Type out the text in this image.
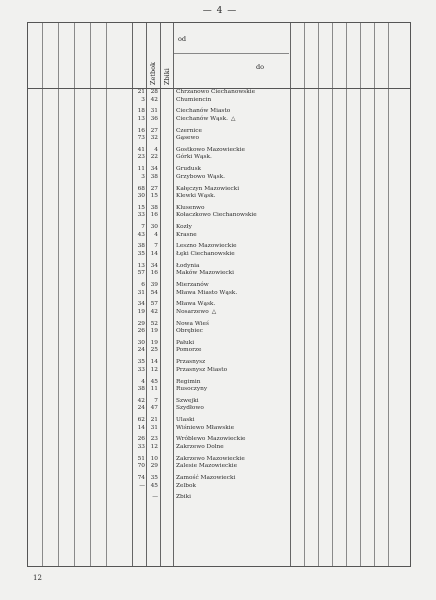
— 4 —
Zetbok Zbiki
od
do
21
3
28
42
Chrzanowo Ciechanowskie
Chumiencin
18
13
31
36
Ciechanów Miasto
Ciechanów Wąsk. △
16
73
27
32
Czernice
Gąsewo
41
23
4
22
Gostkowo Mazowieckie
Górki Wąsk.
11
3
34
38
Grudusk
Grzybowo Wąsk.
68
30
27
15
Kałęczyn Mazowiecki
Klewki Wąsk.
15
33
38
16
Klusenwo
Kołaczkowo Ciechanowskie
7
43
30
4
Kozły
Krasne
38
35
7
14
Leszno Mazowieckie
Łęki Ciechanowskie
13
57
34
16
Łodynia
Maków Mazowiecki
6
31
39
54
Mierzanów
Mława Miasto Wąsk.
34
19
57
42
Mława Wąsk.
Nosarzewo △
29
26
52
19
Nowa Wieś
Obrębiec
30
24
19
25
Pałuki
Pomorze
35
33
14
12
Przasnysz
Przasnysz Miasto
4
38
45
11
Regimin
Rusoczyny
42
24
7
47
Szwejki
Szydłowo
62
14
21
31
Ulaski
Wiśniewo Mławskie
26
33
23
12
Wróblewo Mazowieckie
Zakrzewo Dolne
51
70
10
29
Zakrzewo Mazowieckie
Zalesie Mazowieckie
74
—
35
45
Zamość Mazowiecki
Zelbok
—	Zbiki
12
